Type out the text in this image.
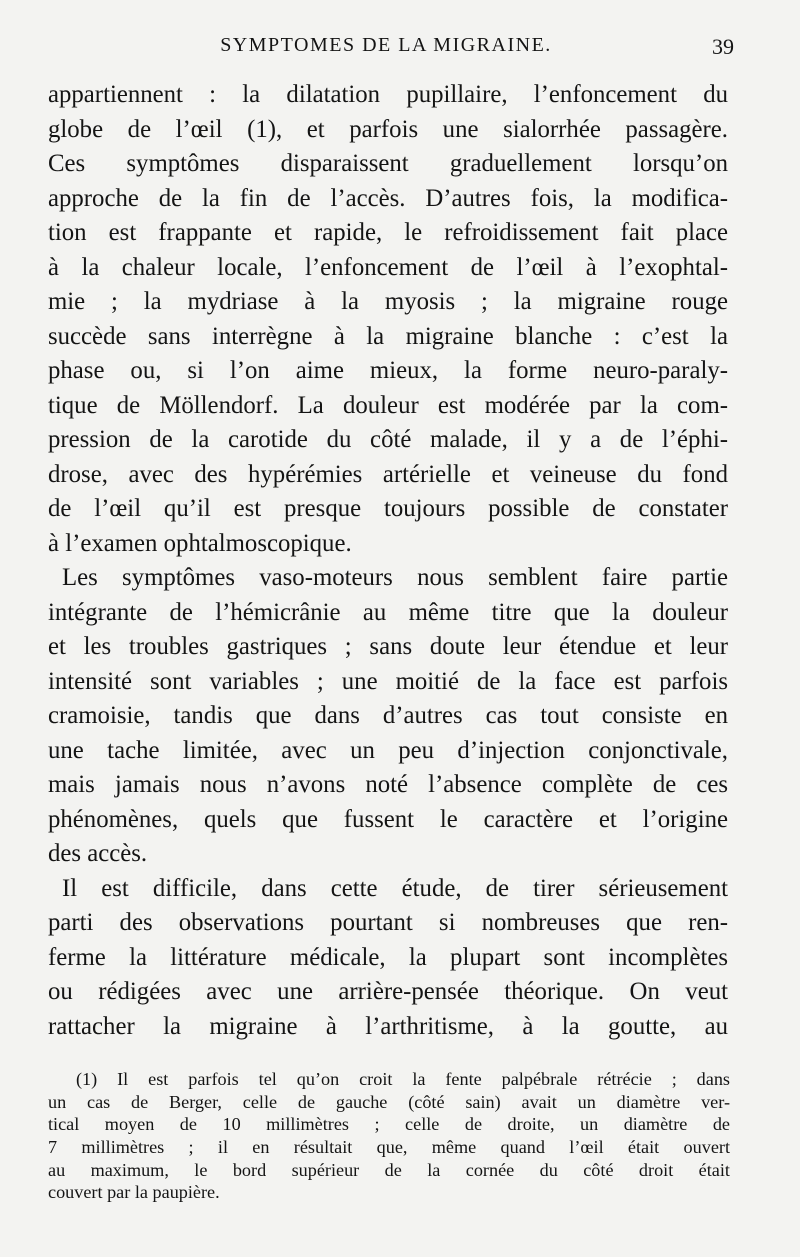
SYMPTOMES DE LA MIGRAINE.	39
appartiennent : la dilatation pupillaire, l’enfoncement du
globe de l’œil (1), et parfois une sialorrhée passagère.
Ces symptômes disparaissent graduellement lorsqu’on
approche de la fin de l’accès. D’autres fois, la modifica-
tion est frappante et rapide, le refroidissement fait place
à la chaleur locale, l’enfoncement de l’œil à l’exophtal-
mie ; la mydriase à la myosis ; la migraine rouge
succède sans interrègne à la migraine blanche : c’est la
phase ou, si l’on aime mieux, la forme neuro-paraly-
tique de Möllendorf. La douleur est modérée par la com-
pression de la carotide du côté malade, il y a de l’éphi-
drose, avec des hypérémies artérielle et veineuse du fond
de l’œil qu’il est presque toujours possible de constater
à l’examen ophtalmoscopique.
Les symptômes vaso-moteurs nous semblent faire partie
intégrante de l’hémicrânie au même titre que la douleur
et les troubles gastriques ; sans doute leur étendue et leur
intensité sont variables ; une moitié de la face est parfois
cramoisie, tandis que dans d’autres cas tout consiste en
une tache limitée, avec un peu d’injection conjonctivale,
mais jamais nous n’avons noté l’absence complète de ces
phénomènes, quels que fussent le caractère et l’origine
des accès.
Il est difficile, dans cette étude, de tirer sérieusement
parti des observations pourtant si nombreuses que ren-
ferme la littérature médicale, la plupart sont incomplètes
ou rédigées avec une arrière-pensée théorique. On veut
rattacher la migraine à l’arthritisme, à la goutte, au
(1) Il est parfois tel qu’on croit la fente palpébrale rétrécie ; dans
un cas de Berger, celle de gauche (côté sain) avait un diamètre ver-
tical moyen de 10 millimètres ; celle de droite, un diamètre de
7 millimètres ; il en résultait que, même quand l’œil était ouvert
au maximum, le bord supérieur de la cornée du côté droit était
couvert par la paupière.
